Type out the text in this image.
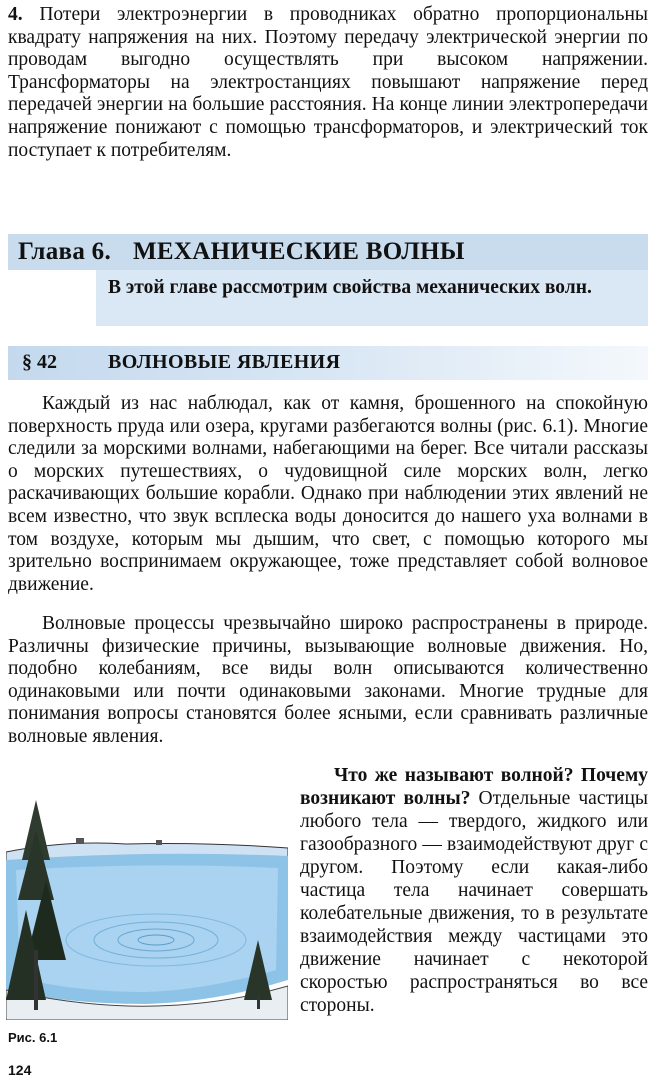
4. Потери электроэнергии в проводниках обратно пропорциональны квадрату напряжения на них. Поэтому передачу электрической энергии по проводам выгодно осуществлять при высоком напряжении. Трансформаторы на электростанциях повышают напряжение перед передачей энергии на большие расстояния. На конце линии электропередачи напряжение понижают с помощью трансформаторов, и электрический ток поступает к потребителям.
Глава 6. МЕХАНИЧЕСКИЕ ВОЛНЫ
В этой главе рассмотрим свойства механических волн.
§ 42	ВОЛНОВЫЕ ЯВЛЕНИЯ
Каждый из нас наблюдал, как от камня, брошенного на спокойную поверхность пруда или озера, кругами разбегаются волны (рис. 6.1). Многие следили за морскими волнами, набегающими на берег. Все читали рассказы о морских путешествиях, о чудовищной силе морских волн, легко раскачивающих большие корабли. Однако при наблюдении этих явлений не всем известно, что звук всплеска воды доносится до нашего уха волнами в том воздухе, которым мы дышим, что свет, с помощью которого мы зрительно воспринимаем окружающее, тоже представляет собой волновое движение.
Волновые процессы чрезвычайно широко распространены в природе. Различны физические причины, вызывающие волновые движения. Но, подобно колебаниям, все виды волн описываются количественно одинаковыми или почти одинаковыми законами. Многие трудные для понимания вопросы становятся более ясными, если сравнивать различные волновые явления.
Что же называют волной? Почему возникают волны? Отдельные частицы любого тела — твердого, жидкого или газообразного — взаимодействуют друг с другом. Поэтому если какая-либо частица тела начинает совершать колебательные движения, то в результате взаимодействия между частицами это движение начинает с некоторой скоростью распространяться во все стороны.
Рис. 6.1
124
